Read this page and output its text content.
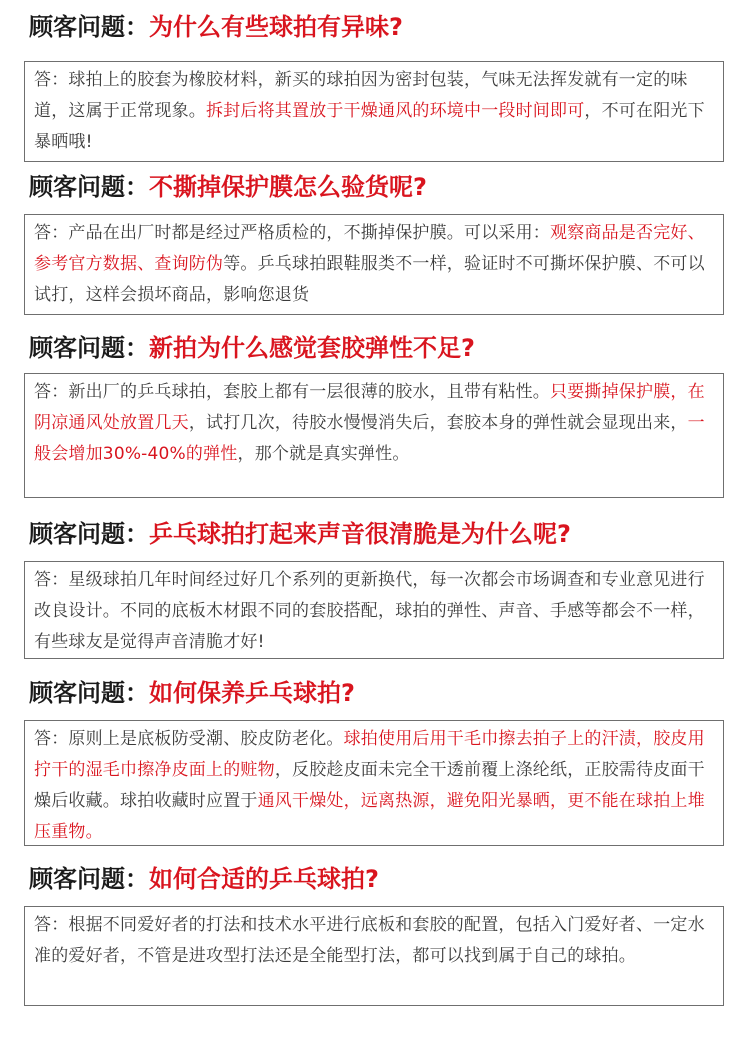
顾客问题：为什么有些球拍有异味?
答：球拍上的胶套为橡胶材料，新买的球拍因为密封包装，气味无法挥发就有一定的味道，这属于正常现象。拆封后将其置放于干燥通风的环境中一段时间即可，不可在阳光下暴晒哦!
顾客问题：不撕掉保护膜怎么验货呢?
答：产品在出厂时都是经过严格质检的，不撕掉保护膜。可以采用：观察商品是否完好、参考官方数据、查询防伪等。乒乓球拍跟鞋服类不一样，验证时不可撕坏保护膜、不可以试打，这样会损坏商品，影响您退货
顾客问题：新拍为什么感觉套胶弹性不足?
答：新出厂的乒乓球拍，套胶上都有一层很薄的胶水，且带有粘性。只要撕掉保护膜，在阴凉通风处放置几天，试打几次，待胶水慢慢消失后，套胶本身的弹性就会显现出来，一般会增加30%-40%的弹性，那个就是真实弹性。
顾客问题：乒乓球拍打起来声音很清脆是为什么呢?
答：星级球拍几年时间经过好几个系列的更新换代，每一次都会市场调查和专业意见进行改良设计。不同的底板木材跟不同的套胶搭配，球拍的弹性、声音、手感等都会不一样，有些球友是觉得声音清脆才好!
顾客问题：如何保养乒乓球拍?
答：原则上是底板防受潮、胶皮防老化。球拍使用后用干毛巾擦去拍子上的汗渍，胶皮用拧干的湿毛巾擦净皮面上的赃物，反胶趁皮面未完全干透前覆上涤纶纸，正胶需待皮面干燥后收藏。球拍收藏时应置于通风干燥处，远离热源，避免阳光暴晒，更不能在球拍上堆压重物。
顾客问题：如何合适的乒乓球拍?
答：根据不同爱好者的打法和技术水平进行底板和套胶的配置，包括入门爱好者、一定水准的爱好者，不管是进攻型打法还是全能型打法，都可以找到属于自己的球拍。
